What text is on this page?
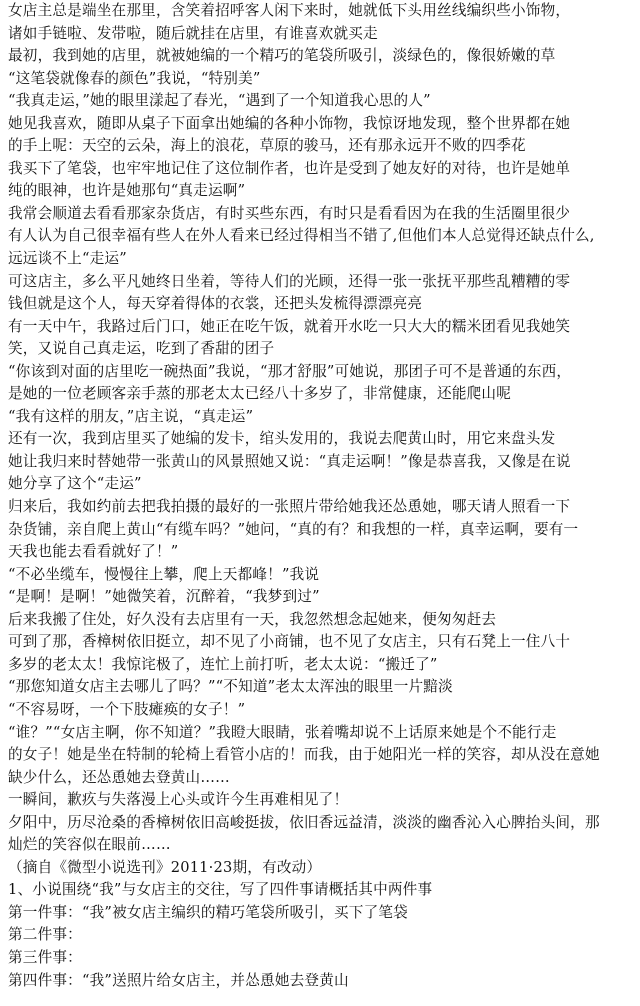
女店主总是端坐在那里，含笑着招呼客人闲下来时，她就低下头用丝线编织些小饰物，
诸如手链啦、发带啦，随后就挂在店里，有谁喜欢就买走
最初，我到她的店里，就被她编的一个精巧的笔袋所吸引，淡绿色的，像很娇嫩的草
“这笔袋就像春的颜色”我说，“特别美”
“我真走运，”她的眼里漾起了春光，“遇到了一个知道我心思的人”
她见我喜欢，随即从桌子下面拿出她编的各种小饰物，我惊讶地发现，整个世界都在她
的手上呢：天空的云朵，海上的浪花，草原的骏马，还有那永远开不败的四季花
我买下了笔袋，也牢牢地记住了这位制作者，也许是受到了她友好的对待，也许是她单
纯的眼神，也许是她那句“真走运啊”
我常会顺道去看看那家杂货店，有时买些东西，有时只是看看因为在我的生活圈里很少
有人认为自己很幸福有些人在外人看来已经过得相当不错了,但他们本人总觉得还缺点什么,
远远谈不上“走运”
可这店主，多么平凡她终日坐着，等待人们的光顾，还得一张一张抚平那些乱糟糟的零
钱但就是这个人，每天穿着得体的衣裳，还把头发梳得漂漂亮亮
有一天中午，我路过后门口，她正在吃午饭，就着开水吃一只大大的糯米团看见我她笑
笑，又说自己真走运，吃到了香甜的团子
“你该到对面的店里吃一碗热面”我说，“那才舒服”可她说，那团子可不是普通的东西，
是她的一位老顾客亲手蒸的那老太太已经八十多岁了，非常健康，还能爬山呢
“我有这样的朋友，”店主说，“真走运”
还有一次，我到店里买了她编的发卡，绾头发用的，我说去爬黄山时，用它来盘头发
她让我归来时替她带一张黄山的风景照她又说：“真走运啊！”像是恭喜我，又像是在说
她分享了这个“走运”
归来后，我如约前去把我拍摄的最好的一张照片带给她我还怂恿她，哪天请人照看一下
杂货铺，亲自爬上黄山“有缆车吗？”她问，“真的有？和我想的一样，真幸运啊，要有一
天我也能去看看就好了！”
“不必坐缆车，慢慢往上攀，爬上天都峰！”我说
“是啊！是啊！”她微笑着，沉醉着，“我梦到过”
后来我搬了住处，好久没有去店里有一天，我忽然想念起她来，便匆匆赶去
可到了那，香樟树依旧挺立，却不见了小商铺，也不见了女店主，只有石凳上一住八十
多岁的老太太！我惊诧极了，连忙上前打听，老太太说：“搬迁了”
“那您知道女店主去哪儿了吗？”“不知道”老太太浑浊的眼里一片黯淡
“不容易呀，一个下肢瘫痪的女子！”
“谁？”“女店主啊，你不知道？”我瞪大眼睛，张着嘴却说不上话原来她是个不能行走
的女子！她是坐在特制的轮椅上看管小店的！而我，由于她阳光一样的笑容，却从没在意她
缺少什么，还怂恿她去登黄山……
一瞬间，歉疚与失落漫上心头或许今生再难相见了！
夕阳中，历尽沧桑的香樟树依旧高峻挺拔，依旧香远益清，淡淡的幽香沁入心脾抬头间，那
灿烂的笑容似在眼前……
（摘自《微型小说选刊》2011·23期，有改动）
1、小说围绕“我”与女店主的交往，写了四件事请概括其中两件事
第一件事：“我”被女店主编织的精巧笔袋所吸引，买下了笔袋
第二件事：
第三件事：
第四件事：“我”送照片给女店主，并怂恿她去登黄山
